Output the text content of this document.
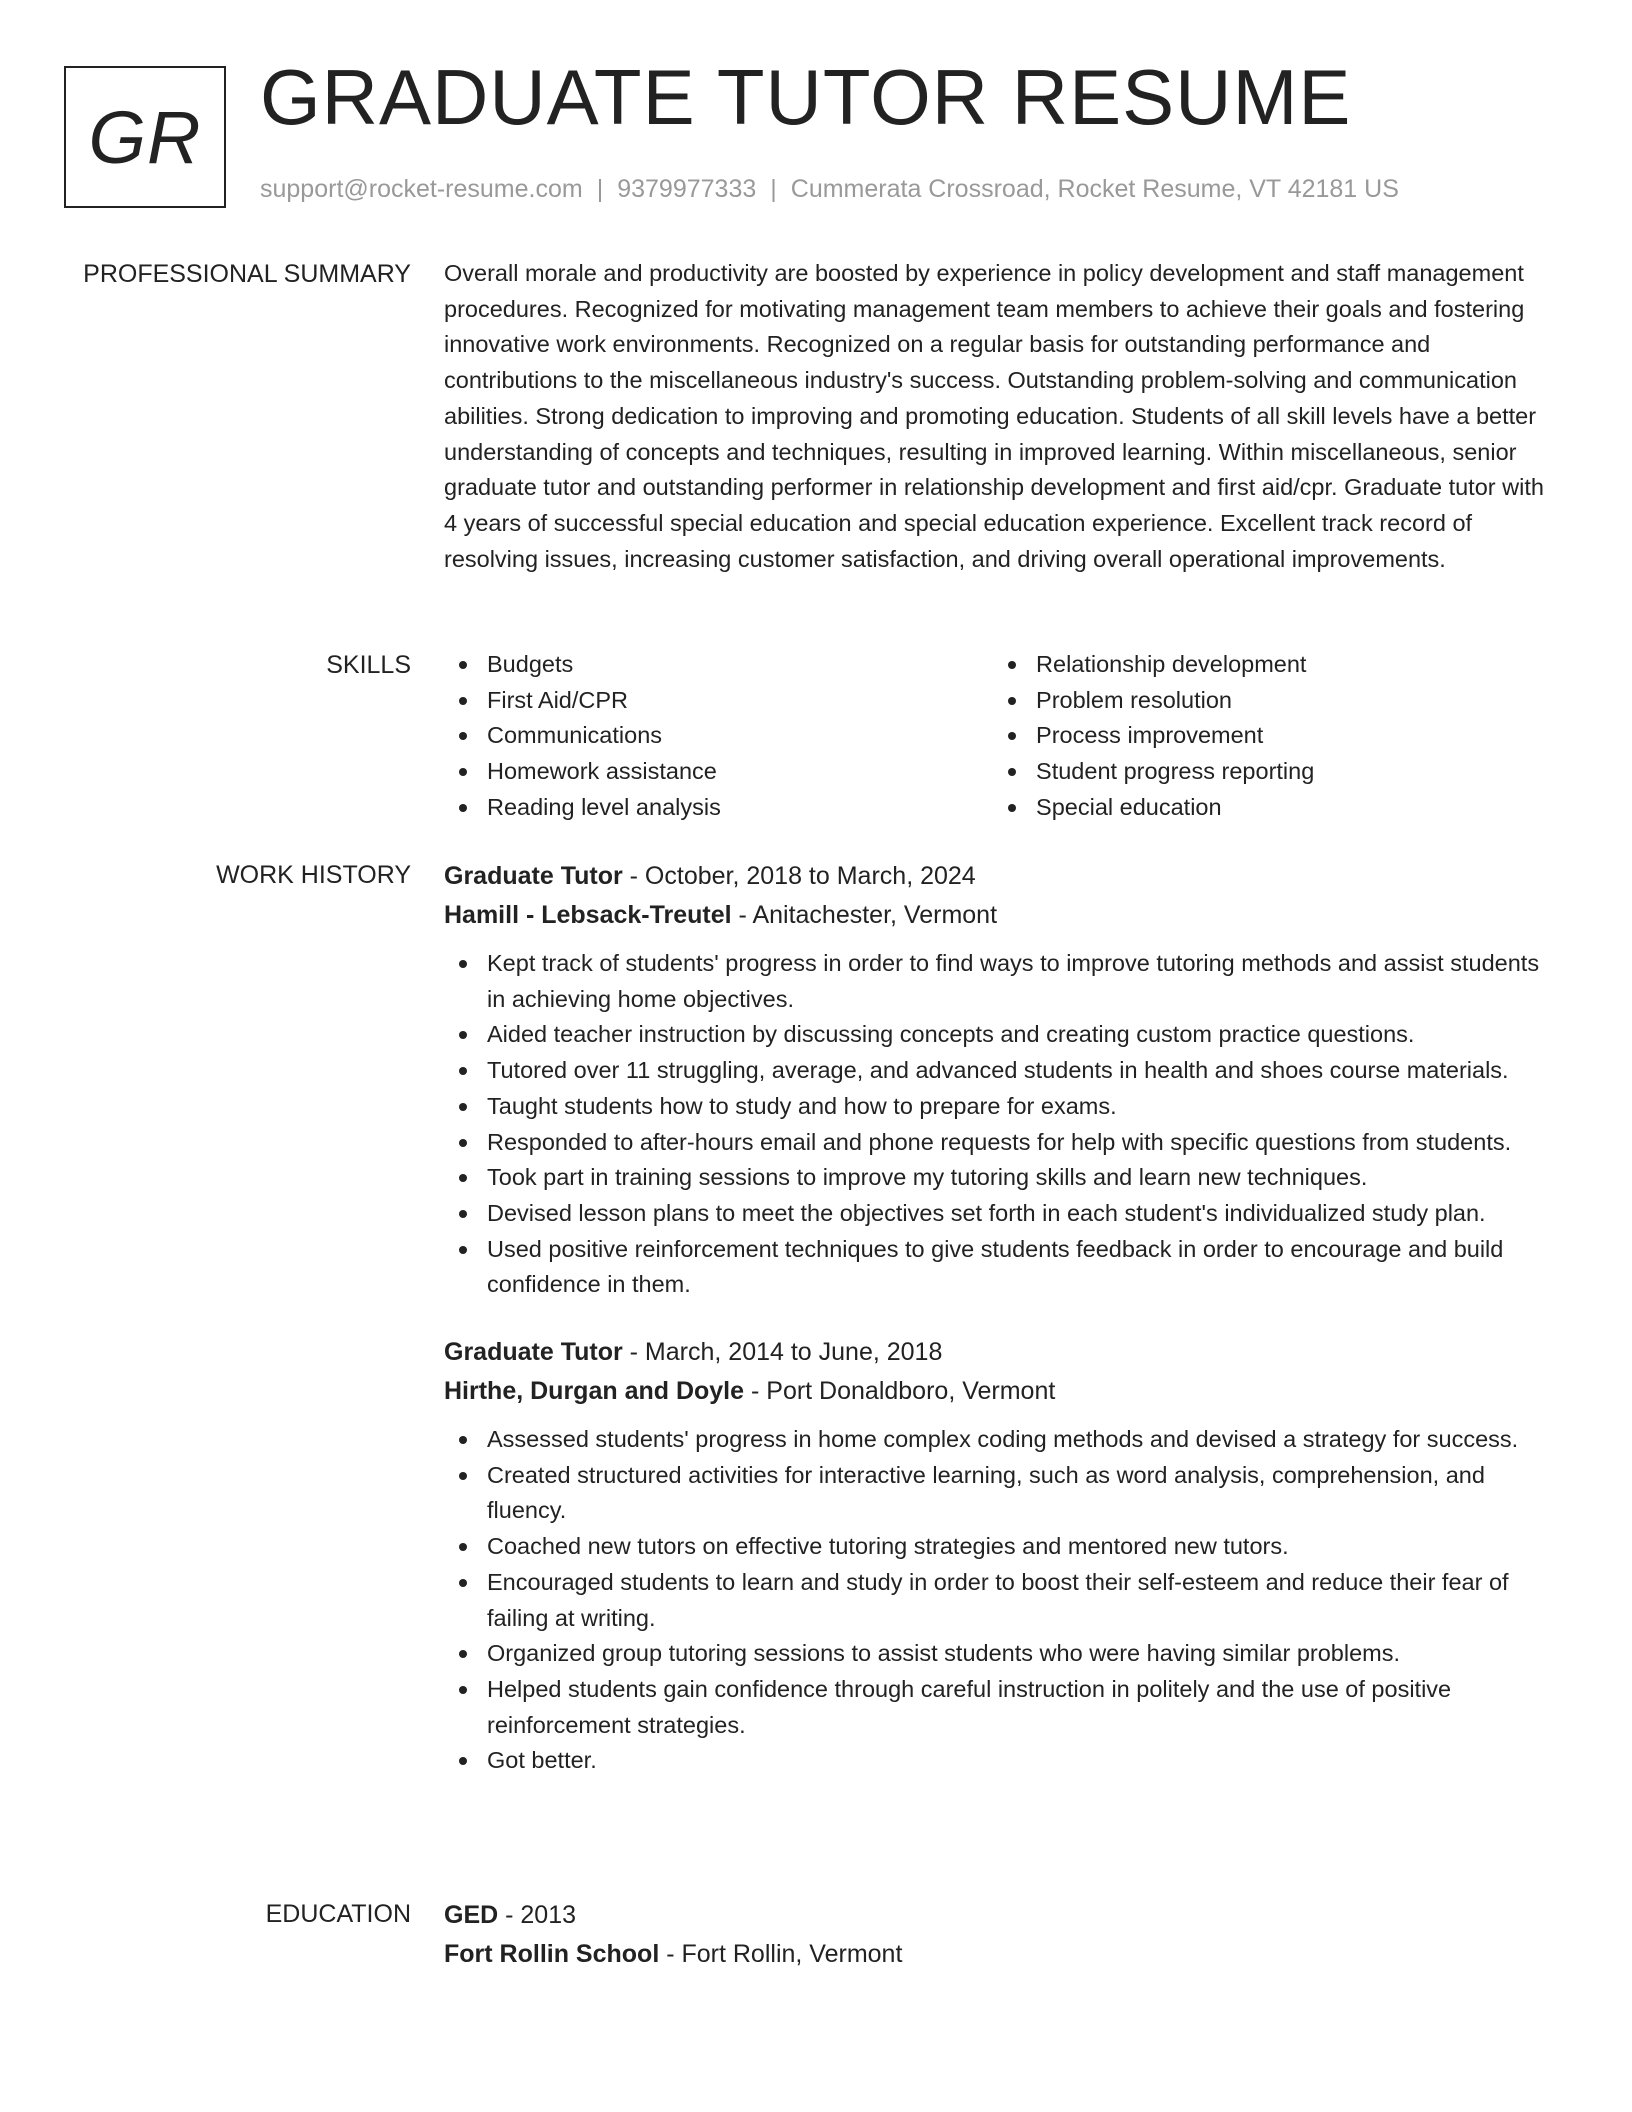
GR GRADUATE TUTOR RESUME
support@rocket-resume.com | 9379977333 | Cummerata Crossroad, Rocket Resume, VT 42181 US
PROFESSIONAL SUMMARY Overall morale and productivity are boosted by experience in policy development and staff management procedures. Recognized for motivating management team members to achieve their goals and fostering innovative work environments. Recognized on a regular basis for outstanding performance and contributions to the miscellaneous industry's success. Outstanding problem-solving and communication abilities. Strong dedication to improving and promoting education. Students of all skill levels have a better understanding of concepts and techniques, resulting in improved learning. Within miscellaneous, senior graduate tutor and outstanding performer in relationship development and first aid/cpr. Graduate tutor with 4 years of successful special education and special education experience. Excellent track record of resolving issues, increasing customer satisfaction, and driving overall operational improvements.

SKILLS	Budgets
First Aid/CPR
Communications
Homework assistance
Reading level analysis
Relationship development
Problem resolution
Process improvement
Student progress reporting
Special education
WORK HISTORY Graduate Tutor - October, 2018 to March, 2024
Hamill - Lebsack-Treutel - Anitachester, Vermont
Kept track of students' progress in order to find ways to improve tutoring methods and assist students in achieving home objectives.
Aided teacher instruction by discussing concepts and creating custom practice questions.
Tutored over 11 struggling, average, and advanced students in health and shoes course materials.
Taught students how to study and how to prepare for exams.
Responded to after-hours email and phone requests for help with specific questions from students.
Took part in training sessions to improve my tutoring skills and learn new techniques.
Devised lesson plans to meet the objectives set forth in each student's individualized study plan.
Used positive reinforcement techniques to give students feedback in order to encourage and build confidence in them.
Graduate Tutor - March, 2014 to June, 2018
Hirthe, Durgan and Doyle - Port Donaldboro, Vermont
Assessed students' progress in home complex coding methods and devised a strategy for success.
Created structured activities for interactive learning, such as word analysis, comprehension, and fluency.
Coached new tutors on effective tutoring strategies and mentored new tutors.
Encouraged students to learn and study in order to boost their self-esteem and reduce their fear of failing at writing.
Organized group tutoring sessions to assist students who were having similar problems.
Helped students gain confidence through careful instruction in politely and the use of positive reinforcement strategies.
Got better.
EDUCATION GED - 2013
Fort Rollin School - Fort Rollin, Vermont
